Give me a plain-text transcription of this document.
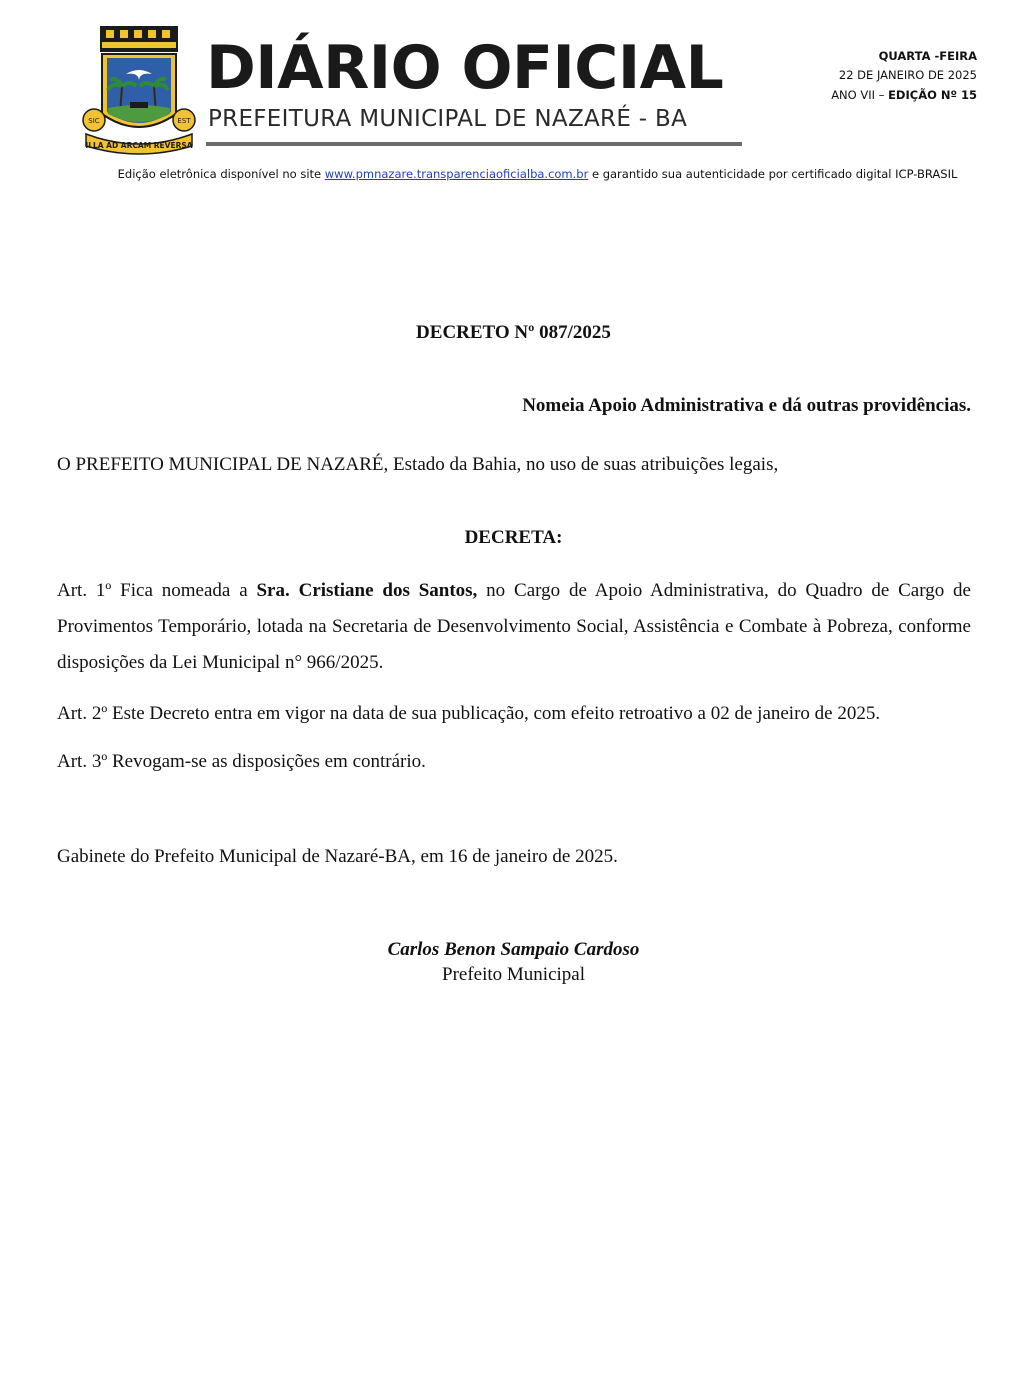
SIC	EST
ILLA AD ARCAM REVERSA
DIÁRIO OFICIAL
PREFEITURA MUNICIPAL DE NAZARÉ - BA
QUARTA -FEIRA
22 DE JANEIRO DE 2025
ANO VII – EDIÇÃO Nº 15
Edição eletrônica disponível no site www.pmnazare.transparenciaoficialba.com.br e garantido sua autenticidade por certificado digital ICP-BRASIL
DECRETO Nº 087/2025
Nomeia Apoio Administrativa e dá outras providências.
O PREFEITO MUNICIPAL DE NAZARÉ, Estado da Bahia, no uso de suas atribuições legais,
DECRETA:
Art. 1º Fica nomeada a Sra. Cristiane dos Santos, no Cargo de Apoio Administrativa, do Quadro de Cargo de Provimentos Temporário, lotada na Secretaria de Desenvolvimento Social, Assistência e Combate à Pobreza, conforme disposições da Lei Municipal n° 966/2025.
Art. 2º Este Decreto entra em vigor na data de sua publicação, com efeito retroativo a 02 de janeiro de 2025.
Art. 3º Revogam-se as disposições em contrário.
Gabinete do Prefeito Municipal de Nazaré-BA, em 16 de janeiro de 2025.
Carlos Benon Sampaio Cardoso
Prefeito Municipal
